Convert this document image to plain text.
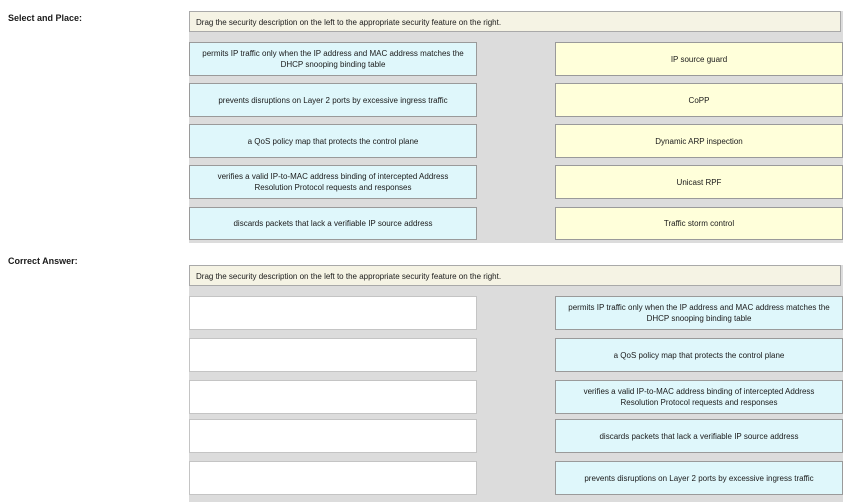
Select and Place:	Drag the security description on the left to the appropriate security feature on the right.
permits IP traffic only when the IP address and MAC address matches the DHCP snooping binding table
prevents disruptions on Layer 2 ports by excessive ingress traffic
a QoS policy map that protects the control plane
verifies a valid IP-to-MAC address binding of intercepted Address Resolution Protocol requests and responses
discards packets that lack a verifiable IP source address
IP source guard
CoPP
Dynamic ARP inspection
Unicast RPF
Traffic storm control
Correct Answer:
Drag the security description on the left to the appropriate security feature on the right.
permits IP traffic only when the IP address and MAC address matches the DHCP snooping binding table
a QoS policy map that protects the control plane
verifies a valid IP-to-MAC address binding of intercepted Address Resolution Protocol requests and responses
discards packets that lack a verifiable IP source address
prevents disruptions on Layer 2 ports by excessive ingress traffic
